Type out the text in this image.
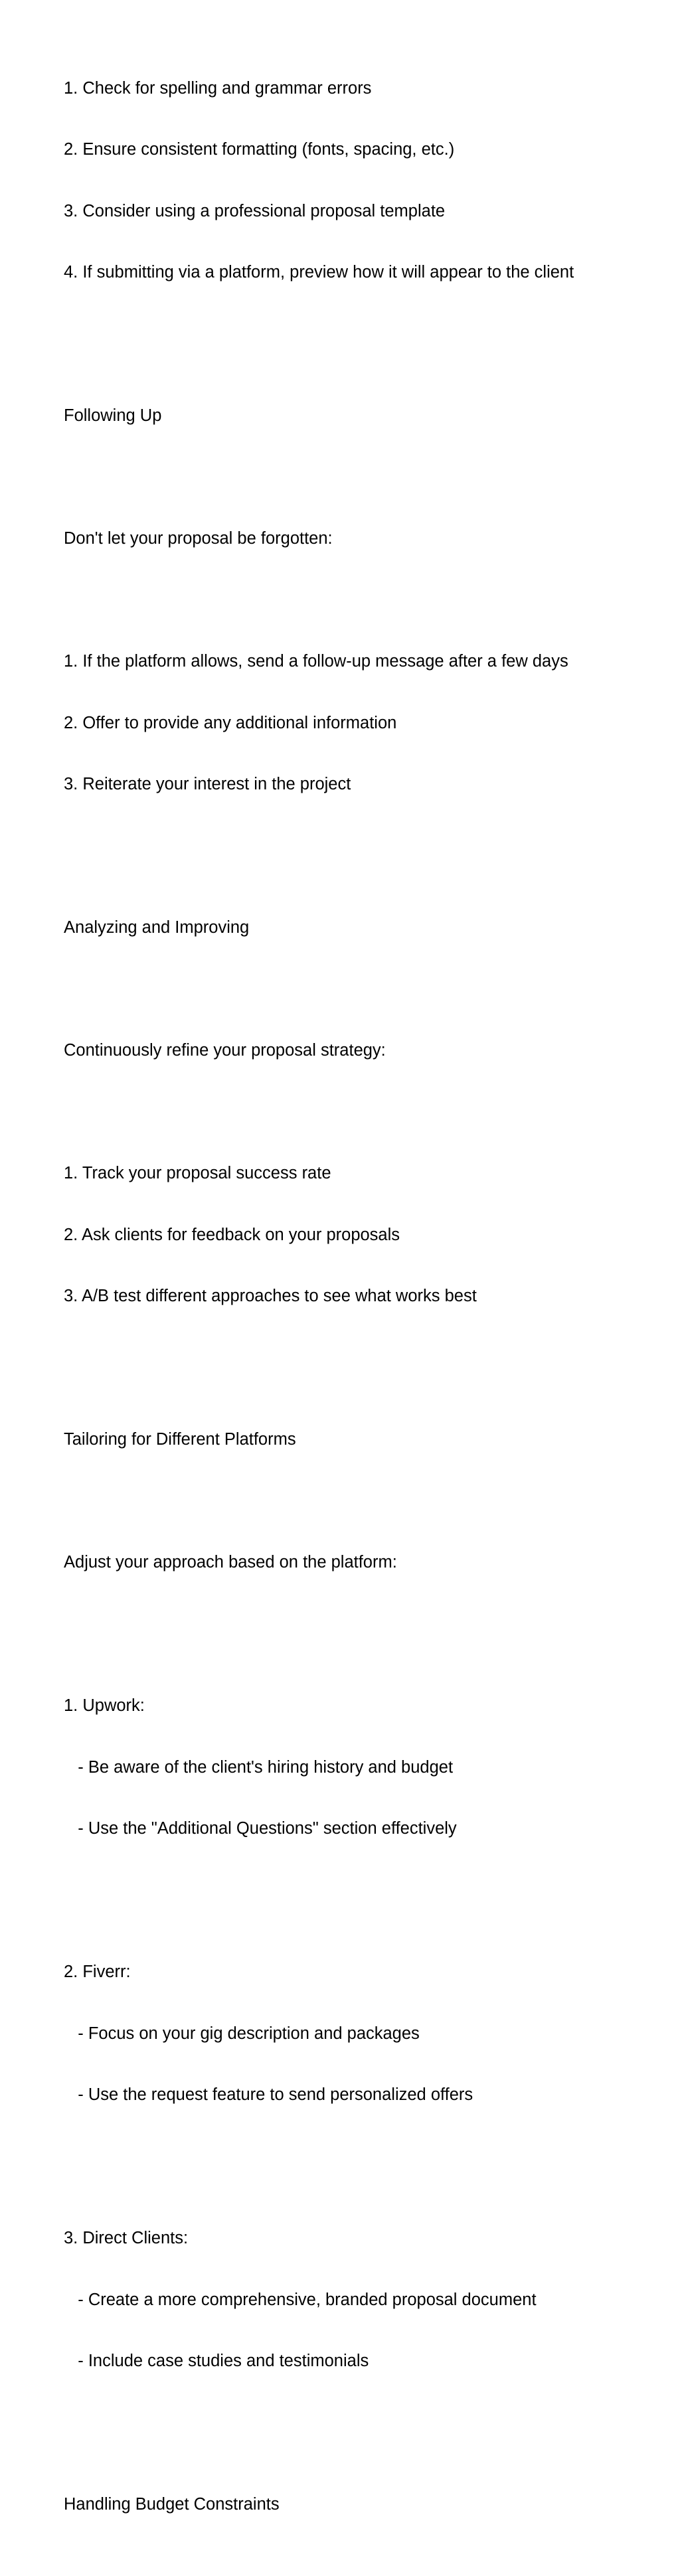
1. Check for spelling and grammar errors

2. Ensure consistent formatting (fonts, spacing, etc.)

3. Consider using a professional proposal template

4. If submitting via a platform, preview how it will appear to the client

Following Up

Don't let your proposal be forgotten:

1. If the platform allows, send a follow-up message after a few days

2. Offer to provide any additional information

3. Reiterate your interest in the project

Analyzing and Improving

Continuously refine your proposal strategy:

1. Track your proposal success rate

2. Ask clients for feedback on your proposals

3. A/B test different approaches to see what works best

Tailoring for Different Platforms

Adjust your approach based on the platform:

1. Upwork:

- Be aware of the client's hiring history and budget

- Use the "Additional Questions" section effectively

2. Fiverr:

- Focus on your gig description and packages

- Use the request feature to send personalized offers

3. Direct Clients:

- Create a more comprehensive, branded proposal document

- Include case studies and testimonials

Handling Budget Constraints
